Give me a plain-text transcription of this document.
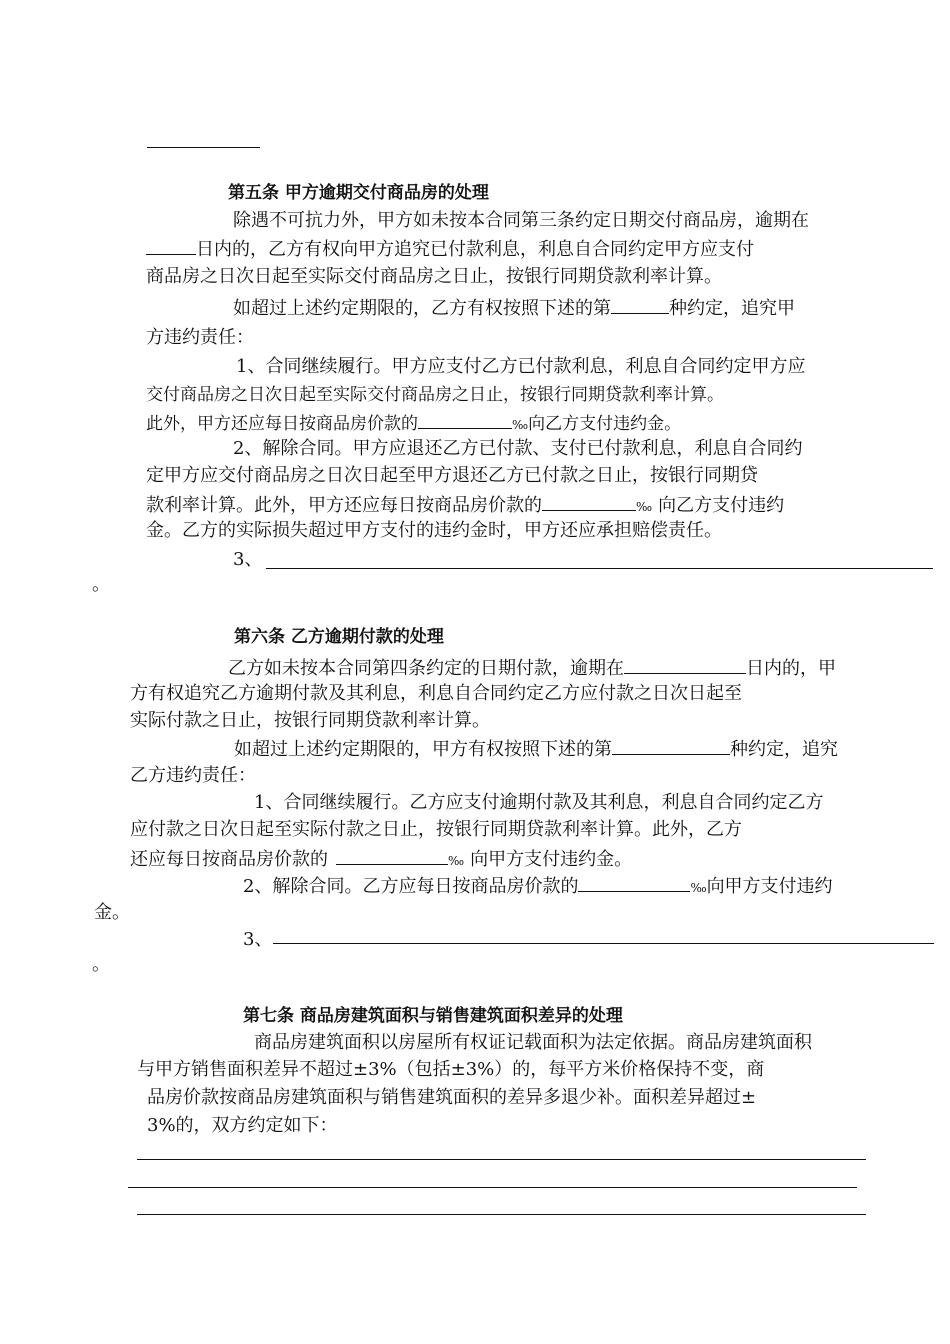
第五条 甲方逾期交付商品房的处理
除遇不可抗力外，甲方如未按本合同第三条约定日期交付商品房，逾期在
日内的，乙方有权向甲方追究已付款利息，利息自合同约定甲方应支付
商品房之日次日起至实际交付商品房之日止，按银行同期贷款利率计算。
如超过上述约定期限的，乙方有权按照下述的第	种约定，追究甲
方违约责任：
1、合同继续履行。甲方应支付乙方已付款利息，利息自合同约定甲方应
交付商品房之日次日起至实际交付商品房之日止，按银行同期贷款利率计算。
此外，甲方还应每日按商品房价款的	‰向乙方支付违约金。
2、解除合同。甲方应退还乙方已付款、支付已付款利息，利息自合同约
定甲方应交付商品房之日次日起至甲方退还乙方已付款之日止，按银行同期贷
款利率计算。此外，甲方还应每日按商品房价款的	‰ 向乙方支付违约
金。乙方的实际损失超过甲方支付的违约金时，甲方还应承担赔偿责任。
3、
。
第六条 乙方逾期付款的处理
乙方如未按本合同第四条约定的日期付款，逾期在	日内的，甲
方有权追究乙方逾期付款及其利息，利息自合同约定乙方应付款之日次日起至
实际付款之日止，按银行同期贷款利率计算。
如超过上述约定期限的，甲方有权按照下述的第	种约定，追究
乙方违约责任：
1、合同继续履行。乙方应支付逾期付款及其利息，利息自合同约定乙方
应付款之日次日起至实际付款之日止，按银行同期贷款利率计算。此外，乙方
还应每日按商品房价款的	‰ 向甲方支付违约金。
2、解除合同。乙方应每日按商品房价款的	‰向甲方支付违约
金。
3、
。
第七条 商品房建筑面积与销售建筑面积差异的处理
商品房建筑面积以房屋所有权证记载面积为法定依据。商品房建筑面积
与甲方销售面积差异不超过±3%（包括±3%）的，每平方米价格保持不变，商
品房价款按商品房建筑面积与销售建筑面积的差异多退少补。面积差异超过±
3%的，双方约定如下：
